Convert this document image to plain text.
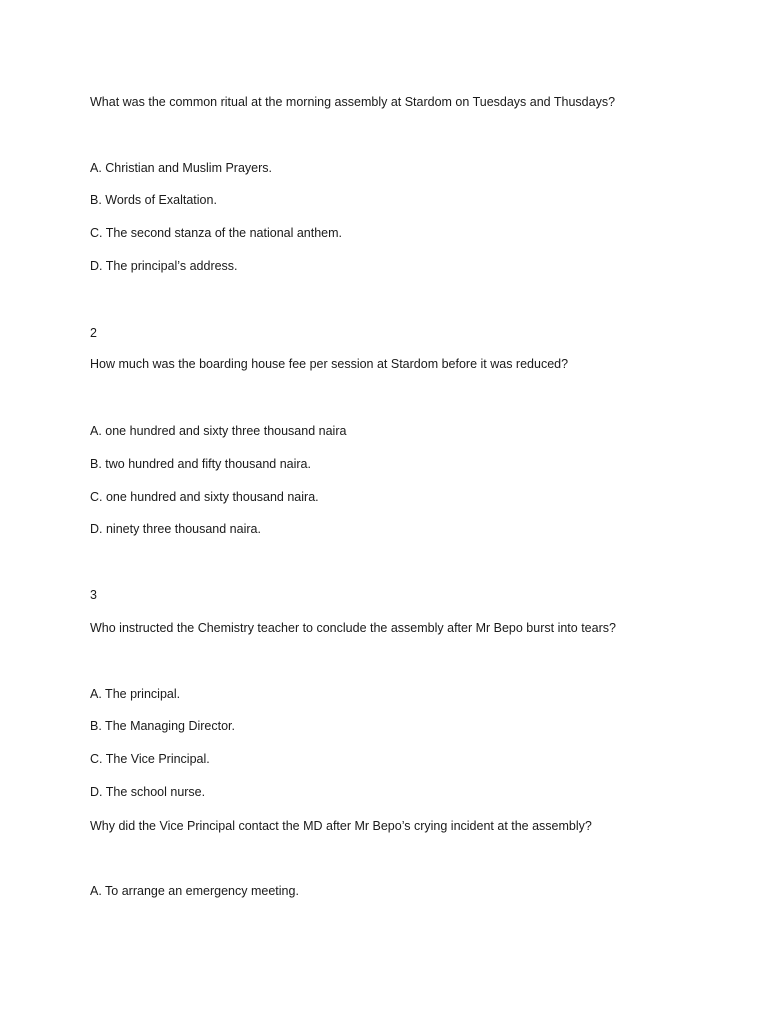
What was the common ritual at the morning assembly at Stardom on Tuesdays and Thusdays?
A. Christian and Muslim Prayers.
B. Words of Exaltation.
C. The second stanza of the national anthem.
D. The principal’s address.
2
How much was the boarding house fee per session at Stardom before it was reduced?
A. one hundred and sixty three thousand naira
B. two hundred and fifty thousand naira.
C. one hundred and sixty thousand naira.
D. ninety three thousand naira.
3
Who instructed the Chemistry teacher to conclude the assembly after Mr Bepo burst into tears?
A. The principal.
B. The Managing Director.
C. The Vice Principal.
D. The school nurse.
Why did the Vice Principal contact the MD after Mr Bepo’s crying incident at the assembly?
A. To arrange an emergency meeting.
